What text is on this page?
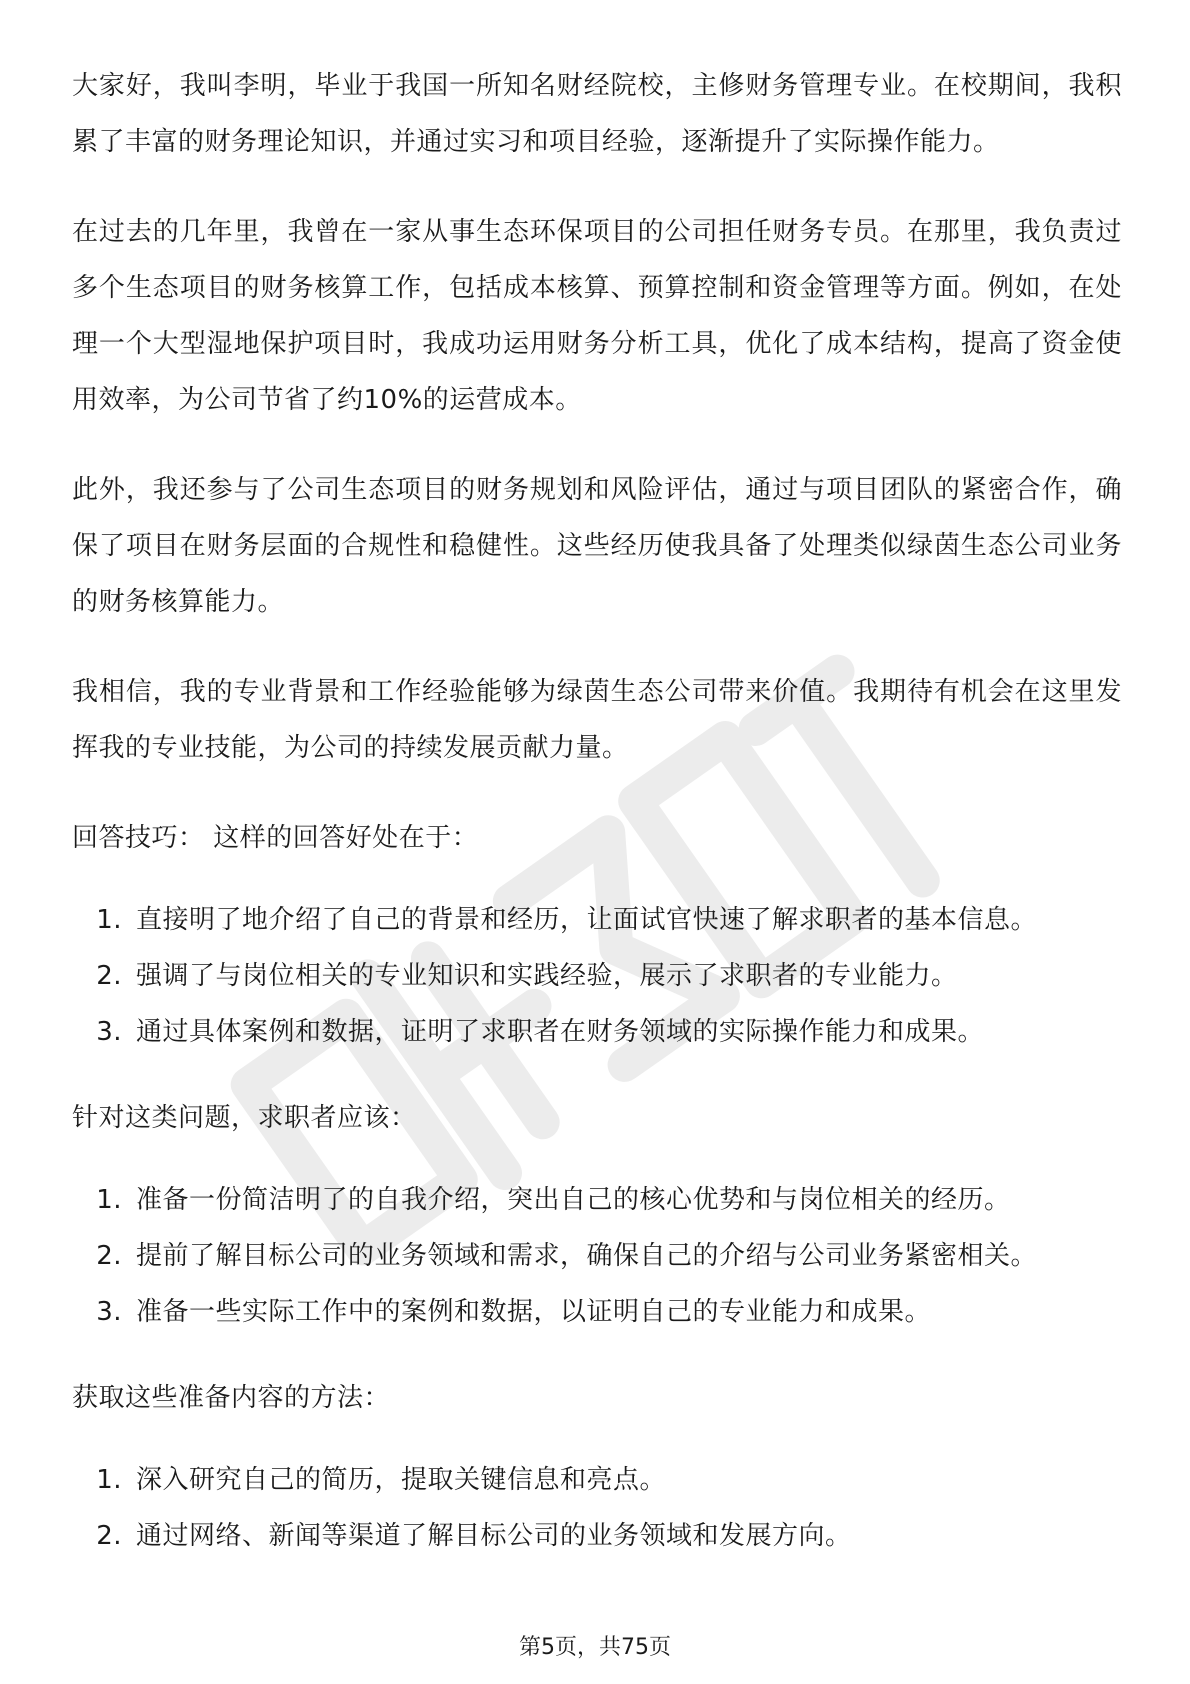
大家好，我叫李明，毕业于我国一所知名财经院校，主修财务管理专业。在校期间，我积累了丰富的财务理论知识，并通过实习和项目经验，逐渐提升了实际操作能力。

在过去的几年里，我曾在一家从事生态环保项目的公司担任财务专员。在那里，我负责过多个生态项目的财务核算工作，包括成本核算、预算控制和资金管理等方面。例如，在处理一个大型湿地保护项目时，我成功运用财务分析工具，优化了成本结构，提高了资金使用效率，为公司节省了约10%的运营成本。

此外，我还参与了公司生态项目的财务规划和风险评估，通过与项目团队的紧密合作，确保了项目在财务层面的合规性和稳健性。这些经历使我具备了处理类似绿茵生态公司业务的财务核算能力。

我相信，我的专业背景和工作经验能够为绿茵生态公司带来价值。我期待有机会在这里发挥我的专业技能，为公司的持续发展贡献力量。

回答技巧： 这样的回答好处在于：

1. 直接明了地介绍了自己的背景和经历，让面试官快速了解求职者的基本信息。
2. 强调了与岗位相关的专业知识和实践经验，展示了求职者的专业能力。
3. 通过具体案例和数据，证明了求职者在财务领域的实际操作能力和成果。

针对这类问题，求职者应该：

1. 准备一份简洁明了的自我介绍，突出自己的核心优势和与岗位相关的经历。
2. 提前了解目标公司的业务领域和需求，确保自己的介绍与公司业务紧密相关。
3. 准备一些实际工作中的案例和数据，以证明自己的专业能力和成果。

获取这些准备内容的方法：

1. 深入研究自己的简历，提取关键信息和亮点。
2. 通过网络、新闻等渠道了解目标公司的业务领域和发展方向。
第5页，共75页
